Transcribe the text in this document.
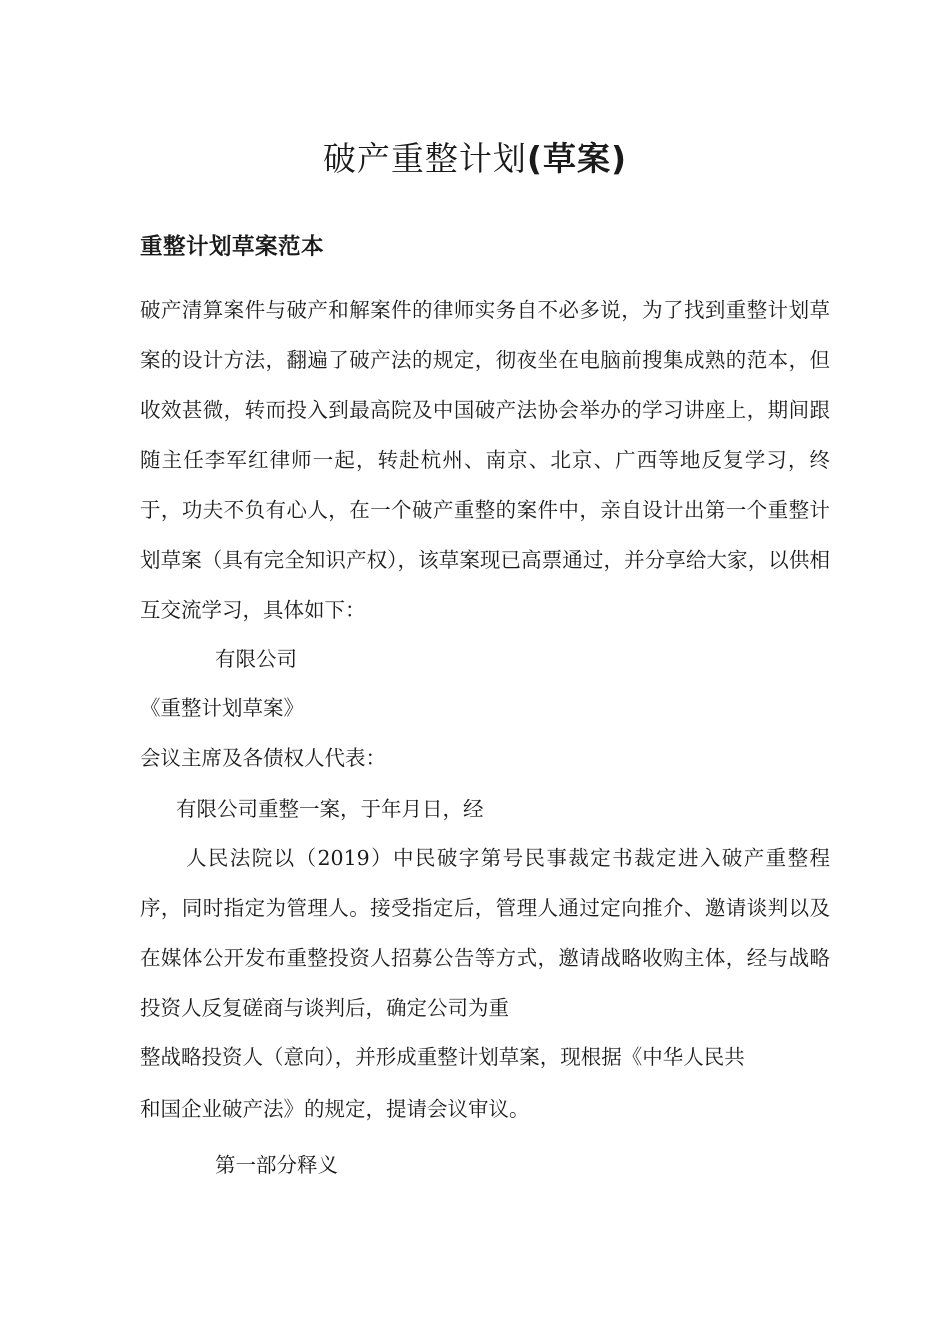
破产重整计划(草案)
重整计划草案范本

破产清算案件与破产和解案件的律师实务自不必多说，为了找到重整计划草案的设计方法，翻遍了破产法的规定，彻夜坐在电脑前搜集成熟的范本，但收效甚微，转而投入到最高院及中国破产法协会举办的学习讲座上，期间跟随主任李军红律师一起，转赴杭州、南京、北京、广西等地反复学习，终于，功夫不负有心人，在一个破产重整的案件中，亲自设计出第一个重整计划草案（具有完全知识产权），该草案现已高票通过，并分享给大家，以供相互交流学习，具体如下：

有限公司
《重整计划草案》
会议主席及各债权人代表：
有限公司重整一案，于年月日，经

人民法院以（2019）中民破字第号民事裁定书裁定进入破产重整程序，同时指定为管理人。接受指定后，管理人通过定向推介、邀请谈判以及在媒体公开发布重整投资人招募公告等方式，邀请战略收购主体，经与战略投资人反复磋商与谈判后，确定公司为重

整战略投资人（意向），并形成重整计划草案，现根据《中华人民共
和国企业破产法》的规定，提请会议审议。
第一部分释义
